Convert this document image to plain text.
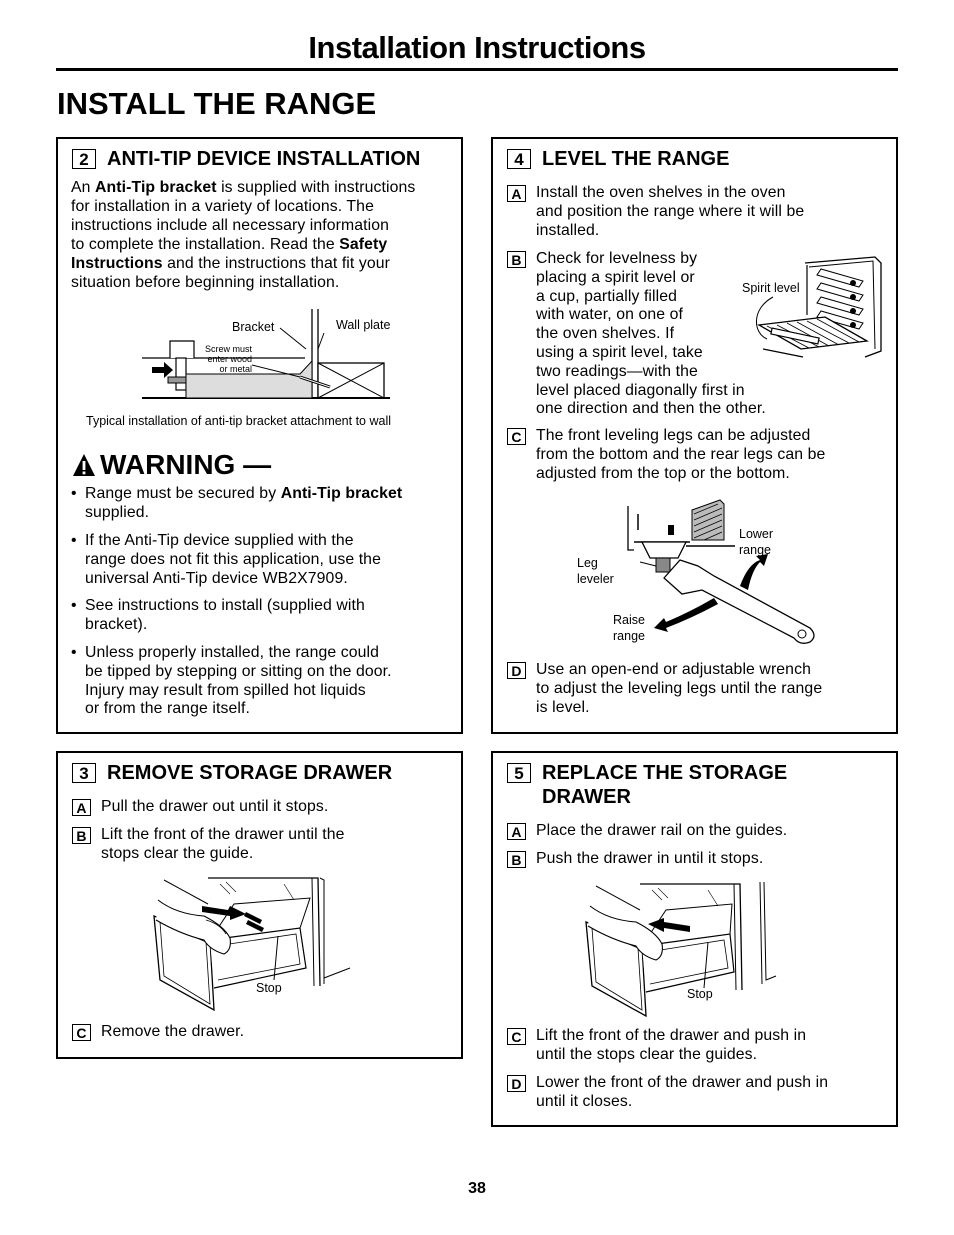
Installation Instructions
INSTALL THE RANGE
2 ANTI-TIP DEVICE INSTALLATION
An Anti-Tip bracket is supplied with instructions
for installation in a variety of locations. The
instructions include all necessary information
to complete the installation. Read the Safety
Instructions and the instructions that fit your
situation before beginning installation.
Bracket	Wall plate
Screw must
enter wood
or metal
Typical installation of anti-tip bracket attachment to wall
WARNING —
• Range must be secured by Anti-Tip bracket
supplied.
• If the Anti-Tip device supplied with the
range does not fit this application, use the
universal Anti-Tip device WB2X7909.
• See instructions to install (supplied with
bracket).
• Unless properly installed, the range could
be tipped by stepping or sitting on the door.
Injury may result from spilled hot liquids
or from the range itself.
4 LEVEL THE RANGE
A Install the oven shelves in the oven
and position the range where it will be
installed.
B Check for levelness by
placing a spirit level or
a cup, partially filled
with water, on one of
the oven shelves. If
using a spirit level, take
two readings—with the
level placed diagonally first in
one direction and then the other.
Spirit level
C The front leveling legs can be adjusted
from the bottom and the rear legs can be
adjusted from the top or the bottom.
Lower
range
Leg
leveler
Raise
range
D Use an open-end or adjustable wrench
to adjust the leveling legs until the range
is level.
3 REMOVE STORAGE DRAWER
A Pull the drawer out until it stops.
B Lift the front of the drawer until the
stops clear the guide.
Stop
C Remove the drawer.
5 REPLACE THE STORAGE
DRAWER
A Place the drawer rail on the guides.
B Push the drawer in until it stops.
Stop
C Lift the front of the drawer and push in
until the stops clear the guides.
D Lower the front of the drawer and push in
until it closes.
38
